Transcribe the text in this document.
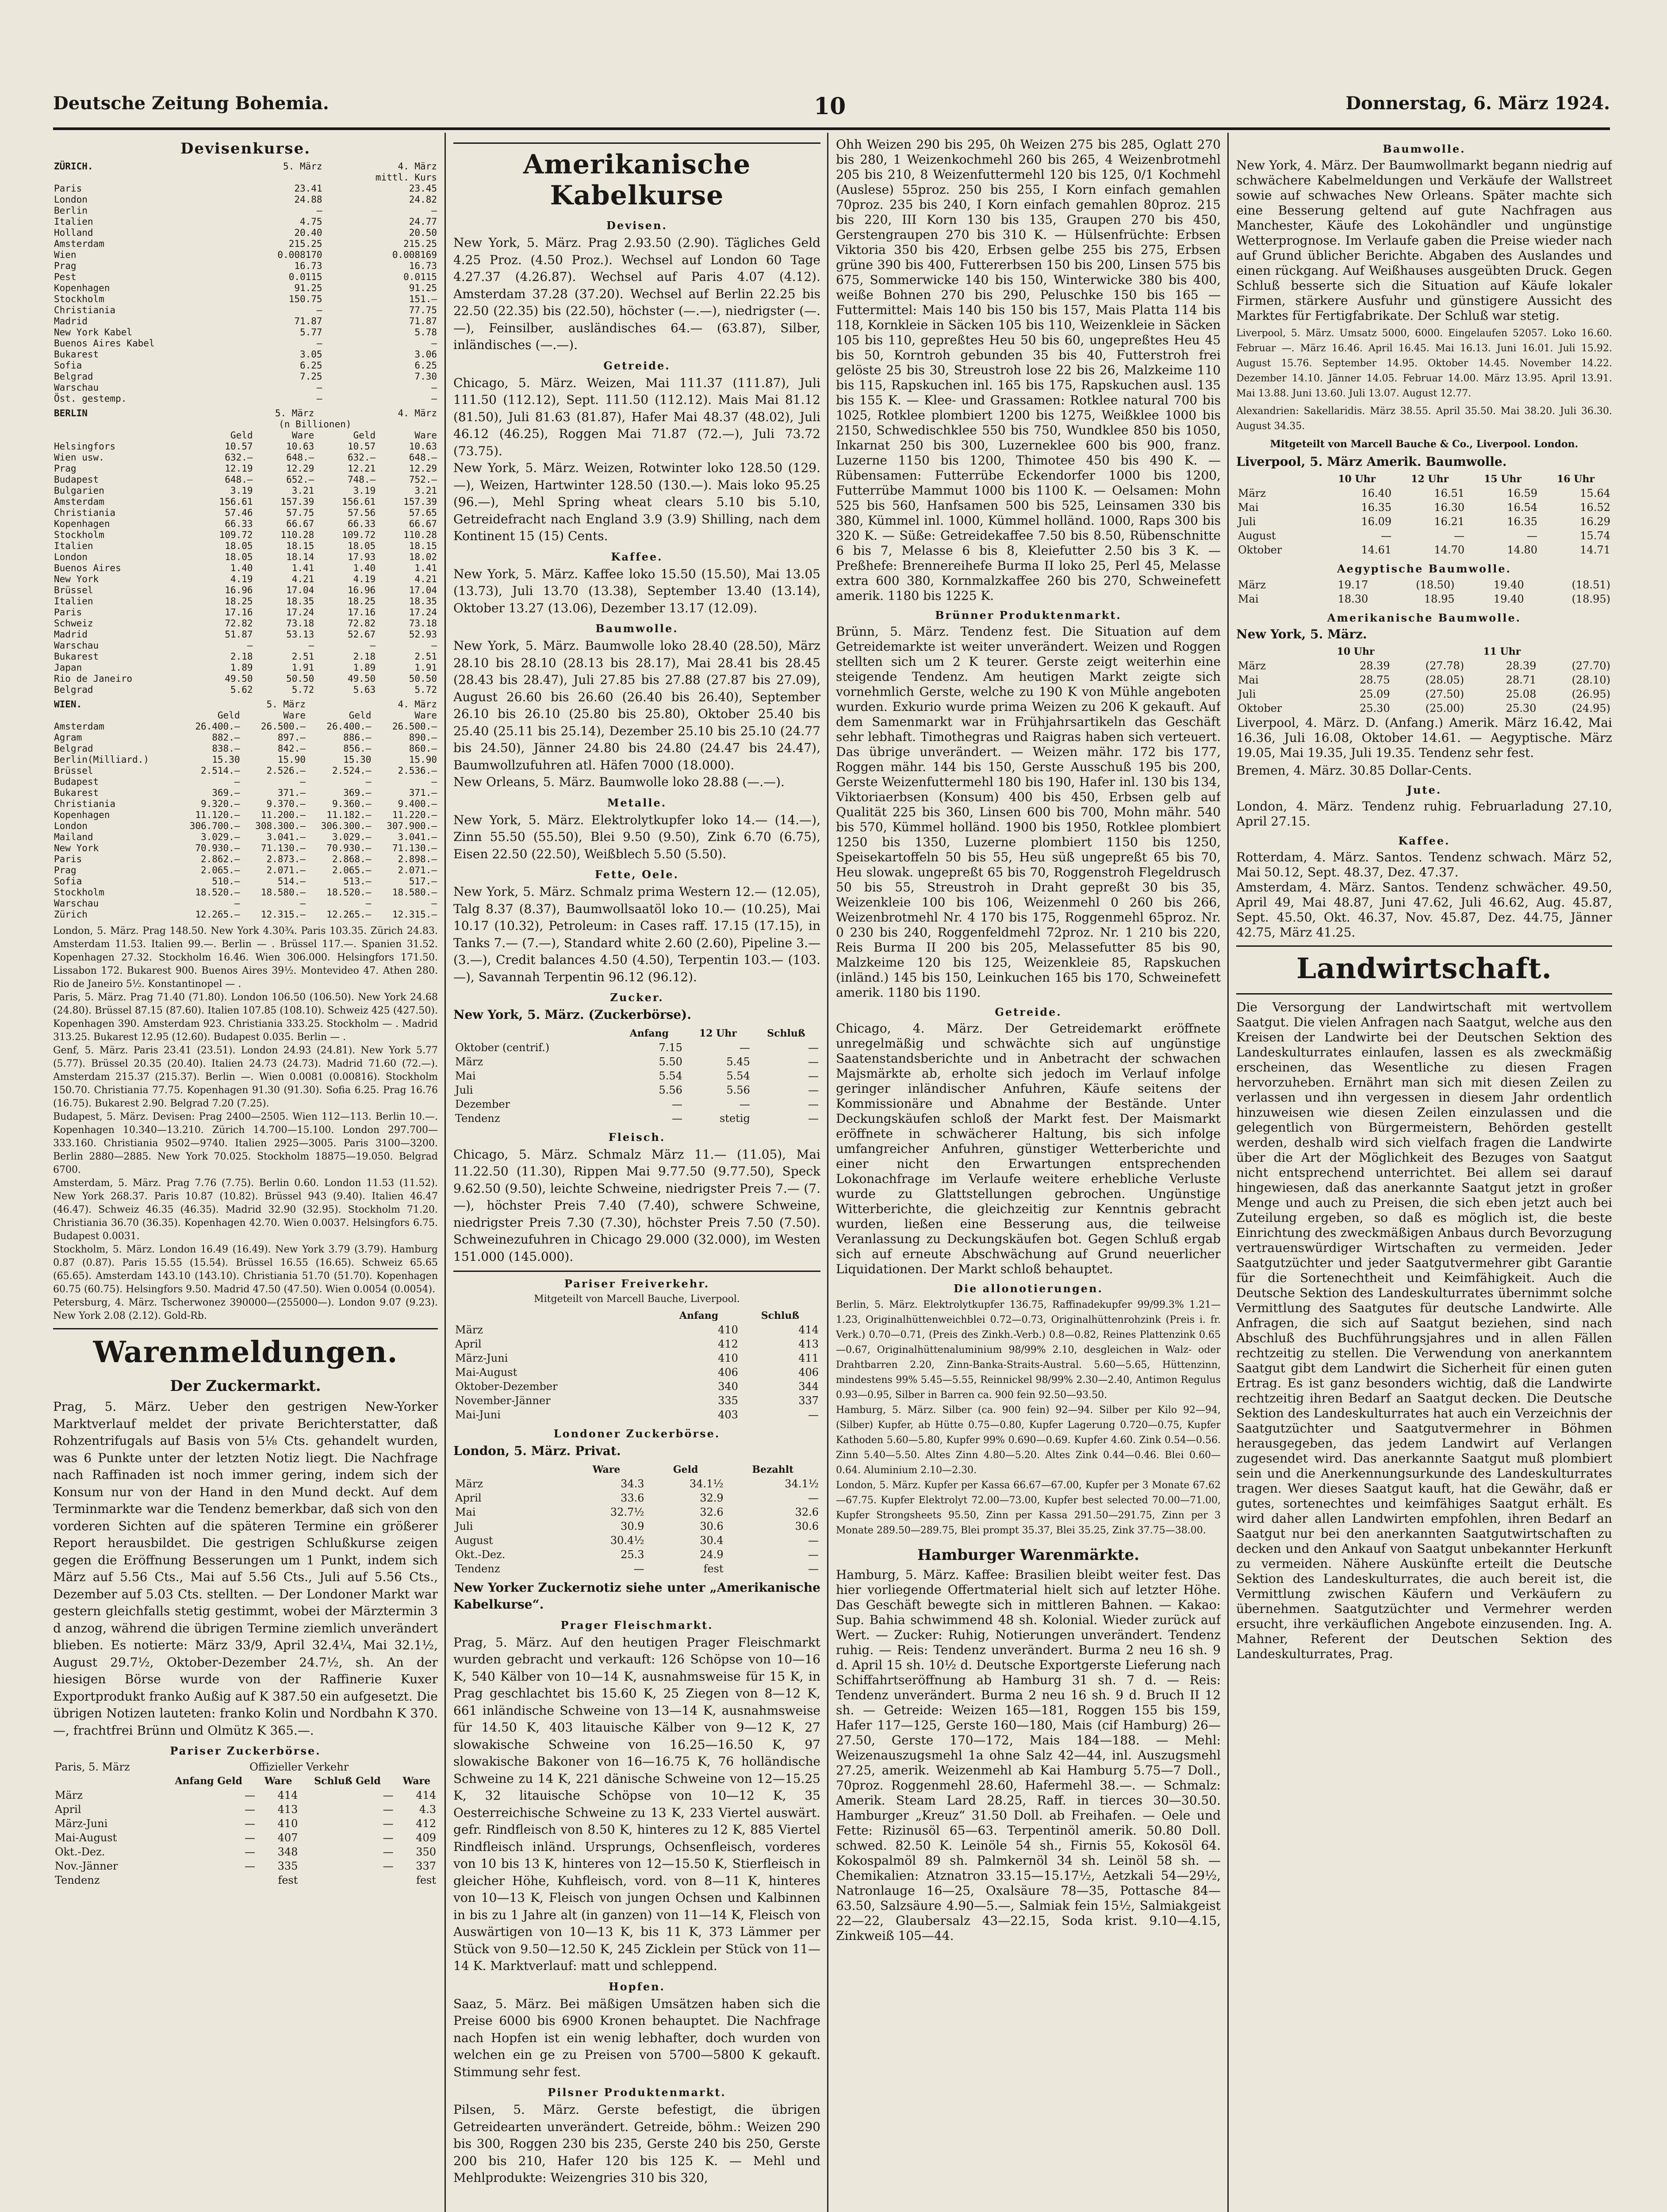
Deutsche Zeitung Bohemia.	10	Donnerstag, 6. März 1924.
Devisenkurse.
ZÜRICH.	5. März	4. März
		mittl. Kurs
Paris	23.41	23.45
London	24.88	24.82
Berlin	—	—
Italien	4.75	24.77
Holland	20.40	20.50
Amsterdam	215.25	215.25
Wien	0.008170	0.008169
Prag	16.73	16.73
Pest	0.0115	0.0115
Kopenhagen	91.25	91.25
Stockholm	150.75	151.—
Christiania	—	77.75
Madrid	71.87	71.87
New York Kabel	5.77	5.78
Buenos Aires Kabel	—	—
Bukarest	3.05	3.06
Sofia	6.25	6.25
Belgrad	7.25	7.30
Warschau	—	—
Öst. gestemp.	—	—
BERLIN	5. März		4. März	
	(n Billionen)			
	Geld	Ware	Geld	Ware
Helsingfors	10.57	10.63	10.57	10.63
Wien usw.	632.—	648.—	632.—	648.—
Prag	12.19	12.29	12.21	12.29
Budapest	648.—	652.—	748.—	752.—
Bulgarien	3.19	3.21	3.19	3.21
Amsterdam	156.61	157.39	156.61	157.39
Christiania	57.46	57.75	57.56	57.65
Kopenhagen	66.33	66.67	66.33	66.67
Stockholm	109.72	110.28	109.72	110.28
Italien	18.05	18.15	18.05	18.15
London	18.05	18.14	17.93	18.02
Buenos Aires	1.40	1.41	1.40	1.41
New York	4.19	4.21	4.19	4.21
Brüssel	16.96	17.04	16.96	17.04
Italien	18.25	18.35	18.25	18.35
Paris	17.16	17.24	17.16	17.24
Schweiz	72.82	73.18	72.82	73.18
Madrid	51.87	53.13	52.67	52.93
Warschau	—	—	—	—
Bukarest	2.18	2.51	2.18	2.51
Japan	1.89	1.91	1.89	1.91
Rio de Janeiro	49.50	50.50	49.50	50.50
Belgrad	5.62	5.72	5.63	5.72
WIEN.	5. März		4. März	
	Geld	Ware	Geld	Ware
Amsterdam	26.400.—	26.500.—	26.400.—	26.500.—
Agram	882.—	897.—	886.—	890.—
Belgrad	838.—	842.—	856.—	860.—
Berlin(Milliard.)	15.30	15.90	15.30	15.90
Brüssel	2.514.—	2.526.—	2.524.—	2.536.—
Budapest	—	—	—	—
Bukarest	369.—	371.—	369.—	371.—
Christiania	9.320.—	9.370.—	9.360.—	9.400.—
Kopenhagen	11.120.—	11.200.—	11.182.—	11.220.—
London	306.700.—	308.300.—	306.300.—	307.900.—
Mailand	3.029.—	3.041.—	3.029.—	3.041.—
New York	70.930.—	71.130.—	70.930.—	71.130.—
Paris	2.862.—	2.873.—	2.868.—	2.898.—
Prag	2.065.—	2.071.—	2.065.—	2.071.—
Sofia	510.—	514.—	513.—	517.—
Stockholm	18.520.—	18.580.—	18.520.—	18.580.—
Warschau	—	—	—	—
Zürich	12.265.—	12.315.—	12.265.—	12.315.—
London, 5. März. Prag 148.50. New York 4.30¾. Paris 103.35. Zürich 24.83. Amsterdam 11.53. Italien 99.—. Berlin — . Brüssel 117.—. Spanien 31.52. Kopenhagen 27.32. Stockholm 16.46. Wien 306.000. Helsingfors 171.50. Lissabon 172. Bukarest 900. Buenos Aires 39½. Montevideo 47. Athen 280. Rio de Janeiro 5½. Konstantinopel — .
Paris, 5. März. Prag 71.40 (71.80). London 106.50 (106.50). New York 24.68 (24.80). Brüssel 87.15 (87.60). Italien 107.85 (108.10). Schweiz 425 (427.50). Kopenhagen 390. Amsterdam 923. Christiania 333.25. Stockholm — . Madrid 313.25. Bukarest 12.95 (12.60). Budapest 0.035. Berlin — .
Genf, 5. März. Paris 23.41 (23.51). London 24.93 (24.81). New York 5.77 (5.77). Brüssel 20.35 (20.40). Italien 24.73 (24.73). Madrid 71.60 (72.—). Amsterdam 215.37 (215.37). Berlin —. Wien 0.0081 (0.00816). Stockholm 150.70. Christiania 77.75. Kopenhagen 91.30 (91.30). Sofia 6.25. Prag 16.76 (16.75). Bukarest 2.90. Belgrad 7.20 (7.25).
Budapest, 5. März. Devisen: Prag 2400—2505. Wien 112—113. Berlin 10.—. Kopenhagen 10.340—13.210. Zürich 14.700—15.100. London 297.700—333.160. Christiania 9502—9740. Italien 2925—3005. Paris 3100—3200. Berlin 2880—2885. New York 70.025. Stockholm 18875—19.050. Belgrad 6700.
Amsterdam, 5. März. Prag 7.76 (7.75). Berlin 0.60. London 11.53 (11.52). New York 268.37. Paris 10.87 (10.82). Brüssel 943 (9.40). Italien 46.47 (46.47). Schweiz 46.35 (46.35). Madrid 32.90 (32.95). Stockholm 71.20. Christiania 36.70 (36.35). Kopenhagen 42.70. Wien 0.0037. Helsingfors 6.75. Budapest 0.0031.
Stockholm, 5. März. London 16.49 (16.49). New York 3.79 (3.79). Hamburg 0.87 (0.87). Paris 15.55 (15.54). Brüssel 16.55 (16.65). Schweiz 65.65 (65.65). Amsterdam 143.10 (143.10). Christiania 51.70 (51.70). Kopenhagen 60.75 (60.75). Helsingfors 9.50. Madrid 47.50 (47.50). Wien 0.0054 (0.0054).
Petersburg, 4. März. Tscherwonez 390000—(255000—). London 9.07 (9.23). New York 2.08 (2.12). Gold-Rb.
Warenmeldungen.
Der Zuckermarkt.
Prag, 5. März. Ueber den gestrigen New-Yorker Marktverlauf meldet der private Berichterstatter, daß Rohzentrifugals auf Basis von 5⅛ Cts. gehandelt wurden, was 6 Punkte unter der letzten Notiz liegt. Die Nachfrage nach Raffinaden ist noch immer gering, indem sich der Konsum nur von der Hand in den Mund deckt. Auf dem Terminmarkte war die Tendenz bemerkbar, daß sich von den vorderen Sichten auf die späteren Termine ein größerer Report herausbildet. Die gestrigen Schlußkurse zeigen gegen die Eröffnung Besserungen um 1 Punkt, indem sich März auf 5.56 Cts., Mai auf 5.56 Cts., Juli auf 5.56 Cts., Dezember auf 5.03 Cts. stellten. — Der Londoner Markt war gestern gleichfalls stetig gestimmt, wobei der Märztermin 3 d anzog, während die übrigen Termine ziemlich unverändert blieben. Es notierte: März 33/9, April 32.4¼, Mai 32.1½, August 29.7½, Oktober-Dezember 24.7½, sh. An der hiesigen Börse wurde von der Raffinerie Kuxer Exportprodukt franko Außig auf K 387.50 ein aufgesetzt. Die übrigen Notizen lauteten: franko Kolin und Nordbahn K 370.—, frachtfrei Brünn und Olmütz K 365.—.
Pariser Zuckerbörse.
Paris, 5. März	Offizieller Verkehr			
	Anfang Geld	Ware	Schluß Geld	Ware
März	—	414	—	414
April	—	413	—	4.3
März-Juni	—	410	—	412
Mai-August	—	407	—	409
Okt.-Dez.	—	348	—	350
Nov.-Jänner	—	335	—	337
Tendenz		fest		fest
Amerikanische Kabelkurse
Devisen.
New York, 5. März. Prag 2.93.50 (2.90). Tägliches Geld 4.25 Proz. (4.50 Proz.). Wechsel auf London 60 Tage 4.27.37 (4.26.87). Wechsel auf Paris 4.07 (4.12). Amsterdam 37.28 (37.20). Wechsel auf Berlin 22.25 bis 22.50 (22.35) bis (22.50), höchster (—.—), niedrigster (—.—), Feinsilber, ausländisches 64.— (63.87), Silber, inländisches (—.—).
Getreide.
Chicago, 5. März. Weizen, Mai 111.37 (111.87), Juli 111.50 (112.12), Sept. 111.50 (112.12). Mais Mai 81.12 (81.50), Juli 81.63 (81.87), Hafer Mai 48.37 (48.02), Juli 46.12 (46.25), Roggen Mai 71.87 (72.—), Juli 73.72 (73.75).
New York, 5. März. Weizen, Rotwinter loko 128.50 (129.—), Weizen, Hartwinter 128.50 (130.—). Mais loko 95.25 (96.—), Mehl Spring wheat clears 5.10 bis 5.10, Getreidefracht nach England 3.9 (3.9) Shilling, nach dem Kontinent 15 (15) Cents.
Kaffee.
New York, 5. März. Kaffee loko 15.50 (15.50), Mai 13.05 (13.73), Juli 13.70 (13.38), September 13.40 (13.14), Oktober 13.27 (13.06), Dezember 13.17 (12.09).
Baumwolle.
New York, 5. März. Baumwolle loko 28.40 (28.50), März 28.10 bis 28.10 (28.13 bis 28.17), Mai 28.41 bis 28.45 (28.43 bis 28.47), Juli 27.85 bis 27.88 (27.87 bis 27.09), August 26.60 bis 26.60 (26.40 bis 26.40), September 26.10 bis 26.10 (25.80 bis 25.80), Oktober 25.40 bis 25.40 (25.11 bis 25.14), Dezember 25.10 bis 25.10 (24.77 bis 24.50), Jänner 24.80 bis 24.80 (24.47 bis 24.47), Baumwollzufuhren atl. Häfen 7000 (18.000).
New Orleans, 5. März. Baumwolle loko 28.88 (—.—).
Metalle.
New York, 5. März. Elektrolytkupfer loko 14.— (14.—), Zinn 55.50 (55.50), Blei 9.50 (9.50), Zink 6.70 (6.75), Eisen 22.50 (22.50), Weißblech 5.50 (5.50).
Fette, Oele.
New York, 5. März. Schmalz prima Western 12.— (12.05), Talg 8.37 (8.37), Baumwollsaatöl loko 10.— (10.25), Mai 10.17 (10.32), Petroleum: in Cases raff. 17.15 (17.15), in Tanks 7.— (7.—), Standard white 2.60 (2.60), Pipeline 3.— (3.—), Credit balances 4.50 (4.50), Terpentin 103.— (103.—), Savannah Terpentin 96.12 (96.12).
Zucker.
New York, 5. März. (Zuckerbörse).
	Anfang	12 Uhr	Schluß
Oktober (centrif.)	7.15	—	—
März	5.50	5.45	—
Mai	5.54	5.54	—
Juli	5.56	5.56	—
Dezember	—	—	—
Tendenz	—	stetig	—
Fleisch.
Chicago, 5. März. Schmalz März 11.— (11.05), Mai 11.22.50 (11.30), Rippen Mai 9.77.50 (9.77.50), Speck 9.62.50 (9.50), leichte Schweine, niedrigster Preis 7.— (7.—), höchster Preis 7.40 (7.40), schwere Schweine, niedrigster Preis 7.30 (7.30), höchster Preis 7.50 (7.50). Schweinezufuhren in Chicago 29.000 (32.000), im Westen 151.000 (145.000).
Pariser Freiverkehr.
Mitgeteilt von Marcell Bauche, Liverpool.
	Anfang	Schluß
März	410	414
April	412	413
März-Juni	410	411
Mai-August	406	406
Oktober-Dezember	340	344
November-Jänner	335	337
Mai-Juni	403	—
Londoner Zuckerbörse.
London, 5. März. Privat.
	Ware	Geld	Bezahlt
März	34.3	34.1½	34.1½
April	33.6	32.9	—
Mai	32.7½	32.6	32.6
Juli	30.9	30.6	30.6
August	30.4½	30.4	—
Okt.-Dez.	25.3	24.9	—
Tendenz	—	fest	—
New Yorker Zuckernotiz siehe unter „Amerikanische Kabelkurse“.
Prager Fleischmarkt.
Prag, 5. März. Auf den heutigen Prager Fleischmarkt wurden gebracht und verkauft: 126 Schöpse von 10—16 K, 540 Kälber von 10—14 K, ausnahmsweise für 15 K, in Prag geschlachtet bis 15.60 K, 25 Ziegen von 8—12 K, 661 inländische Schweine von 13—14 K, ausnahmsweise für 14.50 K, 403 litauische Kälber von 9—12 K, 27 slowakische Schweine von 16.25—16.50 K, 97 slowakische Bakoner von 16—16.75 K, 76 holländische Schweine zu 14 K, 221 dänische Schweine von 12—15.25 K, 32 litauische Schöpse von 10—12 K, 35 Oesterreichische Schweine zu 13 K, 233 Viertel auswärt. gefr. Rindfleisch von 8.50 K, hinteres zu 12 K, 885 Viertel Rindfleisch inländ. Ursprungs, Ochsenfleisch, vorderes von 10 bis 13 K, hinteres von 12—15.50 K, Stierfleisch in gleicher Höhe, Kuhfleisch, vord. von 8—11 K, hinteres von 10—13 K, Fleisch von jungen Ochsen und Kalbinnen in bis zu 1 Jahre alt (in ganzen) von 11—14 K, Fleisch von Auswärtigen von 10—13 K, bis 11 K, 373 Lämmer per Stück von 9.50—12.50 K, 245 Zicklein per Stück von 11—14 K. Marktverlauf: matt und schleppend.
Hopfen.
Saaz, 5. März. Bei mäßigen Umsätzen haben sich die Preise 6000 bis 6900 Kronen behauptet. Die Nachfrage nach Hopfen ist ein wenig lebhafter, doch wurden von welchen ein ge zu Preisen von 5700—5800 K gekauft. Stimmung sehr fest.
Pilsner Produktenmarkt.
Pilsen, 5. März. Gerste befestigt, die übrigen Getreidearten unverändert. Getreide, böhm.: Weizen 290 bis 300, Roggen 230 bis 235, Gerste 240 bis 250, Gerste 200 bis 210, Hafer 120 bis 125 K. — Mehl und Mehlprodukte: Weizengries 310 bis 320,
Ohh Weizen 290 bis 295, 0h Weizen 275 bis 285, Oglatt 270 bis 280, 1 Weizenkochmehl 260 bis 265, 4 Weizenbrotmehl 205 bis 210, 8 Weizenfuttermehl 120 bis 125, 0/1 Kochmehl (Auslese) 55proz. 250 bis 255, I Korn einfach gemahlen 70proz. 235 bis 240, I Korn einfach gemahlen 80proz. 215 bis 220, III Korn 130 bis 135, Graupen 270 bis 450, Gerstengraupen 270 bis 310 K. — Hülsenfrüchte: Erbsen Viktoria 350 bis 420, Erbsen gelbe 255 bis 275, Erbsen grüne 390 bis 400, Futtererbsen 150 bis 200, Linsen 575 bis 675, Sommerwicke 140 bis 150, Winterwicke 380 bis 400, weiße Bohnen 270 bis 290, Peluschke 150 bis 165 — Futtermittel: Mais 140 bis 150 bis 157, Mais Platta 114 bis 118, Kornkleie in Säcken 105 bis 110, Weizenkleie in Säcken 105 bis 110, gepreßtes Heu 50 bis 60, ungepreßtes Heu 45 bis 50, Korntroh gebunden 35 bis 40, Futterstroh frei gelöste 25 bis 30, Streustroh lose 22 bis 26, Malzkeime 110 bis 115, Rapskuchen inl. 165 bis 175, Rapskuchen ausl. 135 bis 155 K. — Klee- und Grassamen: Rotklee natural 700 bis 1025, Rotklee plombiert 1200 bis 1275, Weißklee 1000 bis 2150, Schwedischklee 550 bis 750, Wundklee 850 bis 1050, Inkarnat 250 bis 300, Luzerneklee 600 bis 900, franz. Luzerne 1150 bis 1200, Thimotee 450 bis 490 K. — Rübensamen: Futterrübe Eckendorfer 1000 bis 1200, Futterrübe Mammut 1000 bis 1100 K. — Oelsamen: Mohn 525 bis 560, Hanfsamen 500 bis 525, Leinsamen 330 bis 380, Kümmel inl. 1000, Kümmel holländ. 1000, Raps 300 bis 320 K. — Süße: Getreidekaffee 7.50 bis 8.50, Rübenschnitte 6 bis 7, Melasse 6 bis 8, Kleiefutter 2.50 bis 3 K. — Preßhefe: Brennereihefe Burma II loko 25, Perl 45, Melasse extra 600 380, Kornmalzkaffee 260 bis 270, Schweinefett amerik. 1180 bis 1225 K.
Brünner Produktenmarkt.
Brünn, 5. März. Tendenz fest. Die Situation auf dem Getreidemarkte ist weiter unverändert. Weizen und Roggen stellten sich um 2 K teurer. Gerste zeigt weiterhin eine steigende Tendenz. Am heutigen Markt zeigte sich vornehmlich Gerste, welche zu 190 K von Mühle angeboten wurden. Exkurio wurde prima Weizen zu 206 K gekauft. Auf dem Samenmarkt war in Frühjahrsartikeln das Geschäft sehr lebhaft. Timothegras und Raigras haben sich verteuert. Das übrige unverändert. — Weizen mähr. 172 bis 177, Roggen mähr. 144 bis 150, Gerste Ausschuß 195 bis 200, Gerste Weizenfuttermehl 180 bis 190, Hafer inl. 130 bis 134, Viktoriaerbsen (Konsum) 400 bis 450, Erbsen gelb auf Qualität 225 bis 360, Linsen 600 bis 700, Mohn mähr. 540 bis 570, Kümmel holländ. 1900 bis 1950, Rotklee plombiert 1250 bis 1350, Luzerne plombiert 1150 bis 1250, Speisekartoffeln 50 bis 55, Heu süß ungepreßt 65 bis 70, Heu slowak. ungepreßt 65 bis 70, Roggenstroh Flegeldrusch 50 bis 55, Streustroh in Draht gepreßt 30 bis 35, Weizenkleie 100 bis 106, Weizenmehl 0 260 bis 266, Weizenbrotmehl Nr. 4 170 bis 175, Roggenmehl 65proz. Nr. 0 230 bis 240, Roggenfeldmehl 72proz. Nr. 1 210 bis 220, Reis Burma II 200 bis 205, Melassefutter 85 bis 90, Malzkeime 120 bis 125, Weizenkleie 85, Rapskuchen (inländ.) 145 bis 150, Leinkuchen 165 bis 170, Schweinefett amerik. 1180 bis 1190.
Getreide.
Chicago, 4. März. Der Getreidemarkt eröffnete unregelmäßig und schwächte sich auf ungünstige Saatenstandsberichte und in Anbetracht der schwachen Majsmärkte ab, erholte sich jedoch im Verlauf infolge geringer inländischer Anfuhren, Käufe seitens der Kommissionäre und Abnahme der Bestände. Unter Deckungskäufen schloß der Markt fest. Der Maismarkt eröffnete in schwächerer Haltung, bis sich infolge umfangreicher Anfuhren, günstiger Wetterberichte und einer nicht den Erwartungen entsprechenden Lokonachfrage im Verlaufe weitere erhebliche Verluste wurde zu Glattstellungen gebrochen. Ungünstige Witterberichte, die gleichzeitig zur Kenntnis gebracht wurden, ließen eine Besserung aus, die teilweise Veranlassung zu Deckungskäufen bot. Gegen Schluß ergab sich auf erneute Abschwächung auf Grund neuerlicher Liquidationen. Der Markt schloß behauptet.
Die allonotierungen.
Berlin, 5. März. Elektrolytkupfer 136.75, Raffinadekupfer 99/99.3% 1.21—1.23, Originalhüttenweichblei 0.72—0.73, Originalhüttenrohzink (Preis i. fr. Verk.) 0.70—0.71, (Preis des Zinkh.-Verb.) 0.8—0.82, Reines Plattenzink 0.65—0.67, Originalhüttenaluminium 98/99% 2.10, desgleichen in Walz- oder Drahtbarren 2.20, Zinn-Banka-Straits-Austral. 5.60—5.65, Hüttenzinn, mindestens 99% 5.45—5.55, Reinnickel 98/99% 2.30—2.40, Antimon Regulus 0.93—0.95, Silber in Barren ca. 900 fein 92.50—93.50.
Hamburg, 5. März. Silber (ca. 900 fein) 92—94. Silber per Kilo 92—94, (Silber) Kupfer, ab Hütte 0.75—0.80, Kupfer Lagerung 0.720—0.75, Kupfer Kathoden 5.60—5.80, Kupfer 99% 0.690—0.69. Kupfer 4.60. Zink 0.54—0.56. Zinn 5.40—5.50. Altes Zinn 4.80—5.20. Altes Zink 0.44—0.46. Blei 0.60—0.64. Aluminium 2.10—2.30.
London, 5. März. Kupfer per Kassa 66.67—67.00, Kupfer per 3 Monate 67.62—67.75. Kupfer Elektrolyt 72.00—73.00, Kupfer best selected 70.00—71.00, Kupfer Strongsheets 95.50, Zinn per Kassa 291.50—291.75, Zinn per 3 Monate 289.50—289.75, Blei prompt 35.37, Blei 35.25, Zink 37.75—38.00.
Hamburger Warenmärkte.
Hamburg, 5. März. Kaffee: Brasilien bleibt weiter fest. Das hier vorliegende Offertmaterial hielt sich auf letzter Höhe. Das Geschäft bewegte sich in mittleren Bahnen. — Kakao: Sup. Bahia schwimmend 48 sh. Kolonial. Wieder zurück auf Wert. — Zucker: Ruhig, Notierungen unverändert. Tendenz ruhig. — Reis: Tendenz unverändert. Burma 2 neu 16 sh. 9 d. April 15 sh. 10½ d. Deutsche Exportgerste Lieferung nach Schiffahrtseröffnung ab Hamburg 31 sh. 7 d. — Reis: Tendenz unverändert. Burma 2 neu 16 sh. 9 d. Bruch II 12 sh. — Getreide: Weizen 165—181, Roggen 155 bis 159, Hafer 117—125, Gerste 160—180, Mais (cif Hamburg) 26—27.50, Gerste 170—172, Mais 184—188. — Mehl: Weizenauszugsmehl 1a ohne Salz 42—44, inl. Auszugsmehl 27.25, amerik. Weizenmehl ab Kai Hamburg 5.75—7 Doll., 70proz. Roggenmehl 28.60, Hafermehl 38.—. — Schmalz: Amerik. Steam Lard 28.25, Raff. in tierces 30—30.50. Hamburger „Kreuz“ 31.50 Doll. ab Freihafen. — Oele und Fette: Rizinusöl 65—63. Terpentinöl amerik. 50.80 Doll. schwed. 82.50 K. Leinöle 54 sh., Firnis 55, Kokosöl 64. Kokospalmöl 89 sh. Palmkernöl 34 sh. Leinöl 58 sh. — Chemikalien: Atznatron 33.15—15.17½, Aetzkali 54—29½, Natronlauge 16—25, Oxalsäure 78—35, Pottasche 84—63.50, Salzsäure 4.90—5.—, Salmiak fein 15½, Salmiakgeist 22—22, Glaubersalz 43—22.15, Soda krist. 9.10—4.15, Zinkweiß 105—44.
Baumwolle.
New York, 4. März. Der Baumwollmarkt begann niedrig auf schwächere Kabelmeldungen und Verkäufe der Wallstreet sowie auf schwaches New Orleans. Später machte sich eine Besserung geltend auf gute Nachfragen aus Manchester, Käufe des Lokohändler und ungünstige Wetterprognose. Im Verlaufe gaben die Preise wieder nach auf Grund üblicher Berichte. Abgaben des Auslandes und einen rückgang. Auf Weißhauses ausgeübten Druck. Gegen Schluß besserte sich die Situation auf Käufe lokaler Firmen, stärkere Ausfuhr und günstigere Aussicht des Marktes für Fertigfabrikate. Der Schluß war stetig.
Liverpool, 5. März. Umsatz 5000, 6000. Eingelaufen 52057. Loko 16.60. Februar —. März 16.46. April 16.45. Mai 16.13. Juni 16.01. Juli 15.92. August 15.76. September 14.95. Oktober 14.45. November 14.22. Dezember 14.10. Jänner 14.05. Februar 14.00. März 13.95. April 13.91. Mai 13.88. Juni 13.60. Juli 13.07. August 12.77.
Alexandrien: Sakellaridis. März 38.55. April 35.50. Mai 38.20. Juli 36.30. August 34.35.
Mitgeteilt von Marcell Bauche & Co., Liverpool. London.
Liverpool, 5. März Amerik. Baumwolle.
	10 Uhr	12 Uhr	15 Uhr	16 Uhr
März	16.40	16.51	16.59	15.64
Mai	16.35	16.30	16.54	16.52
Juli	16.09	16.21	16.35	16.29
August	—	—	—	15.74
Oktober	14.61	14.70	14.80	14.71
Aegyptische Baumwolle.
März	19.17	(18.50)	19.40	(18.51)
Mai	18.30	18.95	19.40	(18.95)
Amerikanische Baumwolle.
New York, 5. März.
	10 Uhr		11 Uhr	
März	28.39	(27.78)	28.39	(27.70)
Mai	28.75	(28.05)	28.71	(28.10)
Juli	25.09	(27.50)	25.08	(26.95)
Oktober	25.30	(25.00)	25.30	(24.95)
Liverpool, 4. März. D. (Anfang.) Amerik. März 16.42, Mai 16.36, Juli 16.08, Oktober 14.61. — Aegyptische. März 19.05, Mai 19.35, Juli 19.35. Tendenz sehr fest.
Bremen, 4. März. 30.85 Dollar-Cents.
Jute.
London, 4. März. Tendenz ruhig. Februarladung 27.10, April 27.15.
Kaffee.
Rotterdam, 4. März. Santos. Tendenz schwach. März 52, Mai 50.12, Sept. 48.37, Dez. 47.37.
Amsterdam, 4. März. Santos. Tendenz schwächer. 49.50, April 49, Mai 48.87, Juni 47.62, Juli 46.62, Aug. 45.87, Sept. 45.50, Okt. 46.37, Nov. 45.87, Dez. 44.75, Jänner 42.75, März 41.25.
Landwirtschaft.
Die Versorgung der Landwirtschaft mit wertvollem Saatgut. Die vielen Anfragen nach Saatgut, welche aus den Kreisen der Landwirte bei der Deutschen Sektion des Landeskulturrates einlaufen, lassen es als zweckmäßig erscheinen, das Wesentliche zu diesen Fragen hervorzuheben. Ernährt man sich mit diesen Zeilen zu verlassen und ihn vergessen in diesem Jahr ordentlich hinzuweisen wie diesen Zeilen einzulassen und die gelegentlich von Bürgermeistern, Behörden gestellt werden, deshalb wird sich vielfach fragen die Landwirte über die Art der Möglichkeit des Bezuges von Saatgut nicht entsprechend unterrichtet. Bei allem sei darauf hingewiesen, daß das anerkannte Saatgut jetzt in großer Menge und auch zu Preisen, die sich eben jetzt auch bei Zuteilung ergeben, so daß es möglich ist, die beste Einrichtung des zweckmäßigen Anbaus durch Bevorzugung vertrauenswürdiger Wirtschaften zu vermeiden. Jeder Saatgutzüchter und jeder Saatgutvermehrer gibt Garantie für die Sortenechtheit und Keimfähigkeit. Auch die Deutsche Sektion des Landeskulturrates übernimmt solche Vermittlung des Saatgutes für deutsche Landwirte. Alle Anfragen, die sich auf Saatgut beziehen, sind nach Abschluß des Buchführungsjahres und in allen Fällen rechtzeitig zu stellen. Die Verwendung von anerkanntem Saatgut gibt dem Landwirt die Sicherheit für einen guten Ertrag. Es ist ganz besonders wichtig, daß die Landwirte rechtzeitig ihren Bedarf an Saatgut decken. Die Deutsche Sektion des Landeskulturrates hat auch ein Verzeichnis der Saatgutzüchter und Saatgutvermehrer in Böhmen herausgegeben, das jedem Landwirt auf Verlangen zugesendet wird. Das anerkannte Saatgut muß plombiert sein und die Anerkennungsurkunde des Landeskulturrates tragen. Wer dieses Saatgut kauft, hat die Gewähr, daß er gutes, sortenechtes und keimfähiges Saatgut erhält. Es wird daher allen Landwirten empfohlen, ihren Bedarf an Saatgut nur bei den anerkannten Saatgutwirtschaften zu decken und den Ankauf von Saatgut unbekannter Herkunft zu vermeiden. Nähere Auskünfte erteilt die Deutsche Sektion des Landeskulturrates, die auch bereit ist, die Vermittlung zwischen Käufern und Verkäufern zu übernehmen. Saatgutzüchter und Vermehrer werden ersucht, ihre verkäuflichen Angebote einzusenden. Ing. A. Mahner, Referent der Deutschen Sektion des Landeskulturrates, Prag.
